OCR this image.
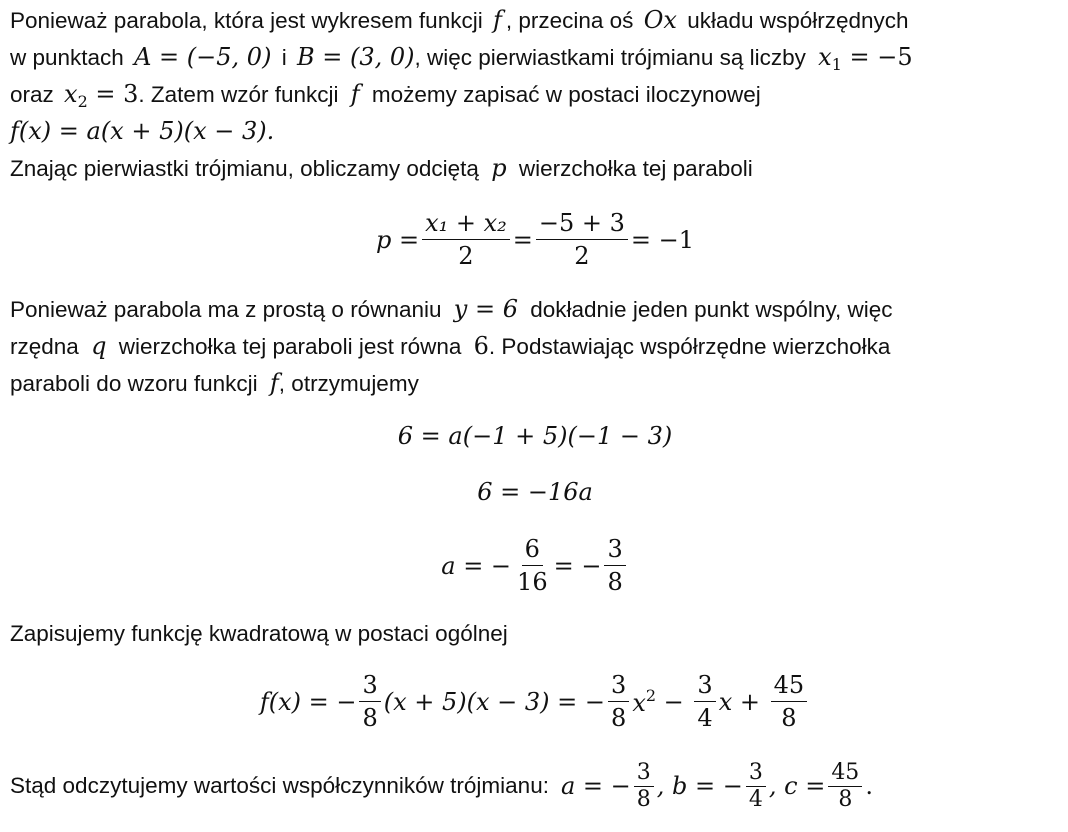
Ponieważ parabola, która jest wykresem funkcji f , przecina oś Ox układu współrzędnych
w punktach A = (−5, 0) i B = (3, 0), więc pierwiastkami trójmianu są liczby $x_1 = -5$
oraz $x_2 = 3$. Zatem wzór funkcji f możemy zapisać w postaci iloczynowej
f(x) = a(x + 5)(x − 3).
Znając pierwiastki trójmianu, obliczamy odciętą p wierzchołka tej paraboli
$p = \frac{\text{x₁ + x₂}}{2} = \frac{-5 + 3}{2} = -1$
Ponieważ parabola ma z prostą o równaniu y = 6 dokładnie jeden punkt wspólny, więc
rzędna q wierzchołka tej paraboli jest równa 6. Podstawiając współrzędne wierzchołka
paraboli do wzoru funkcji f, otrzymujemy
6 = a(−1 + 5)(−1 − 3)
6 = −16a
a = − $\frac{6}{16}$ = − $\frac{3}{8}$
Zapisujemy funkcję kwadratową w postaci ogólnej
f(x) = − $\frac{3}{8} (x + 5)(x - 3)$ = − $\frac{3}{8} x^2 - \frac{3}{4}$ $x + \frac{45}{8}$
Stąd odczytujemy wartości współczynników trójmianu: a = − $\frac{3}{8}$ , b = − $\frac{3}{4}$ , $c = \frac{45}{8}$ .
